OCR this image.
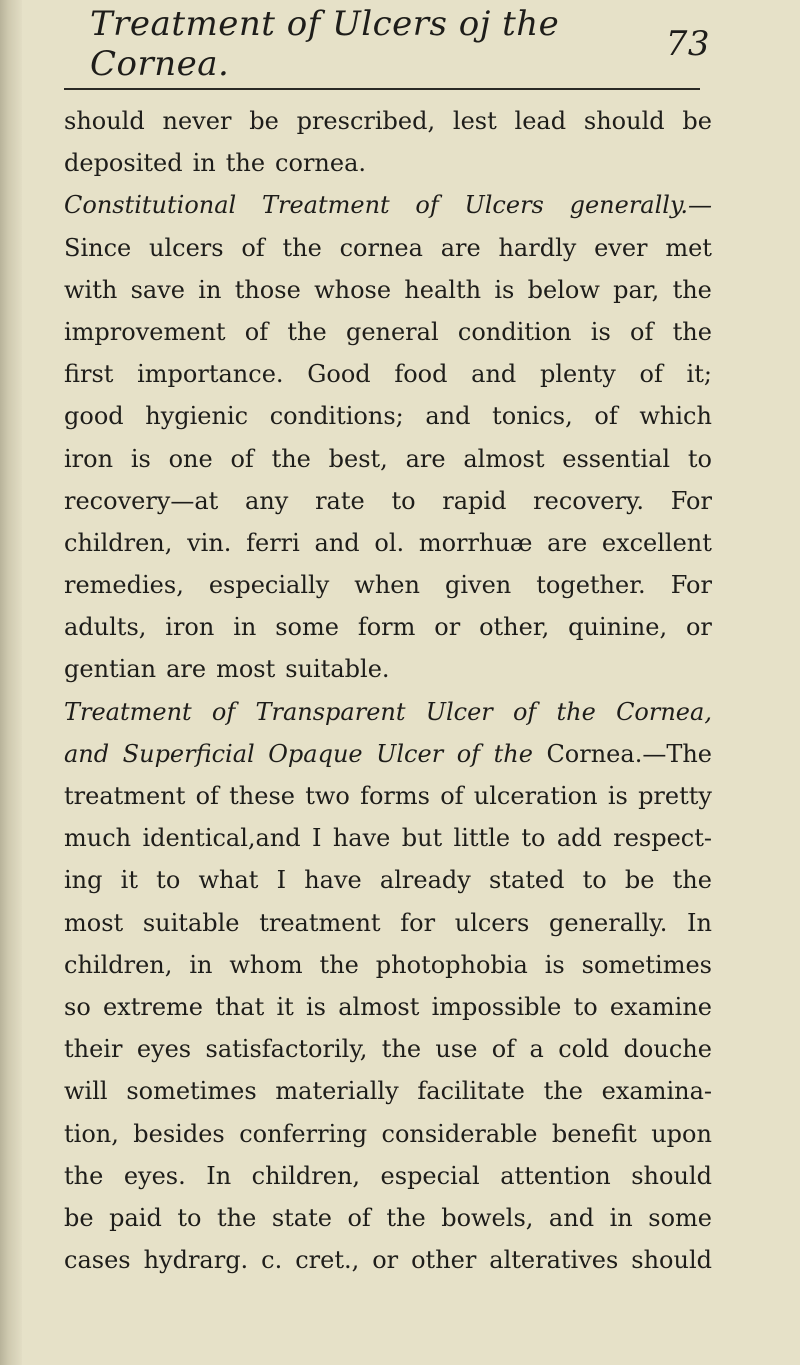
Treatment of Ulcers oj the Cornea.	73
should never be prescribed, lest lead should be
deposited in the cornea.
Constitutional Treatment of Ulcers generally.—
Since ulcers of the cornea are hardly ever met
with save in those whose health is below par, the
improvement of the general condition is of the
first importance. Good food and plenty of it;
good hygienic conditions; and tonics, of which
iron is one of the best, are almost essential to
recovery—at any rate to rapid recovery. For
children, vin. ferri and ol. morrhuæ are excellent
remedies, especially when given together. For
adults, iron in some form or other, quinine, or
gentian are most suitable.
Treatment of Transparent Ulcer of the Cornea,
and Superficial Opaque Ulcer of the Cornea.—The
treatment of these two forms of ulceration is pretty
much identical,and I have but little to add respect-
ing it to what I have already stated to be the
most suitable treatment for ulcers generally. In
children, in whom the photophobia is sometimes
so extreme that it is almost impossible to examine
their eyes satisfactorily, the use of a cold douche
will sometimes materially facilitate the examina-
tion, besides conferring considerable benefit upon
the eyes. In children, especial attention should
be paid to the state of the bowels, and in some
cases hydrarg. c. cret., or other alteratives should
